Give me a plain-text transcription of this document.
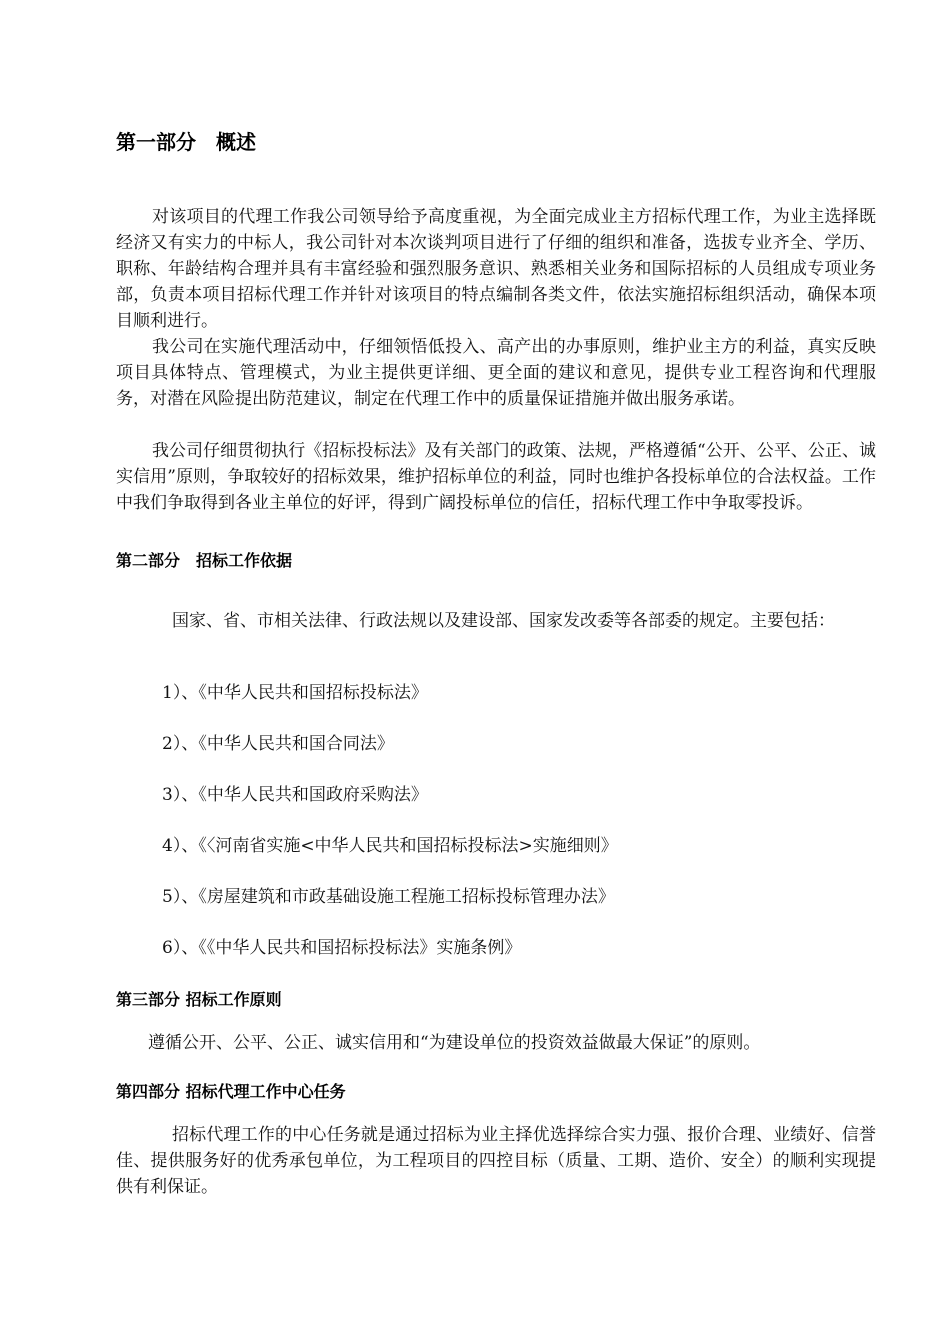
第一部分　概述

对该项目的代理工作我公司领导给予高度重视，为全面完成业主方招标代理工作，为业主选择既经济又有实力的中标人，我公司针对本次谈判项目进行了仔细的组织和准备，选拔专业齐全、学历、职称、年龄结构合理并具有丰富经验和强烈服务意识、熟悉相关业务和国际招标的人员组成专项业务部，负责本项目招标代理工作并针对该项目的特点编制各类文件，依法实施招标组织活动，确保本项目顺利进行。

我公司在实施代理活动中，仔细领悟低投入、高产出的办事原则，维护业主方的利益，真实反映项目具体特点、管理模式，为业主提供更详细、更全面的建议和意见，提供专业工程咨询和代理服务，对潜在风险提出防范建议，制定在代理工作中的质量保证措施并做出服务承诺。

我公司仔细贯彻执行《招标投标法》及有关部门的政策、法规，严格遵循“公开、公平、公正、诚实信用”原则，争取较好的招标效果，维护招标单位的利益，同时也维护各投标单位的合法权益。工作中我们争取得到各业主单位的好评，得到广阔投标单位的信任，招标代理工作中争取零投诉。

第二部分　招标工作依据

国家、省、市相关法律、行政法规以及建设部、国家发改委等各部委的规定。主要包括：

1）、《中华人民共和国招标投标法》
2）、《中华人民共和国合同法》
3）、《中华人民共和国政府采购法》
4）、《〈河南省实施<中华人民共和国招标投标法>实施细则》
5）、《房屋建筑和市政基础设施工程施工招标投标管理办法》
6）、《《中华人民共和国招标投标法》实施条例》
第三部分 招标工作原则

遵循公开、公平、公正、诚实信用和“为建设单位的投资效益做最大保证”的原则。

第四部分 招标代理工作中心任务

招标代理工作的中心任务就是通过招标为业主择优选择综合实力强、报价合理、业绩好、信誉佳、提供服务好的优秀承包单位，为工程项目的四控目标（质量、工期、造价、安全）的顺利实现提供有利保证。
